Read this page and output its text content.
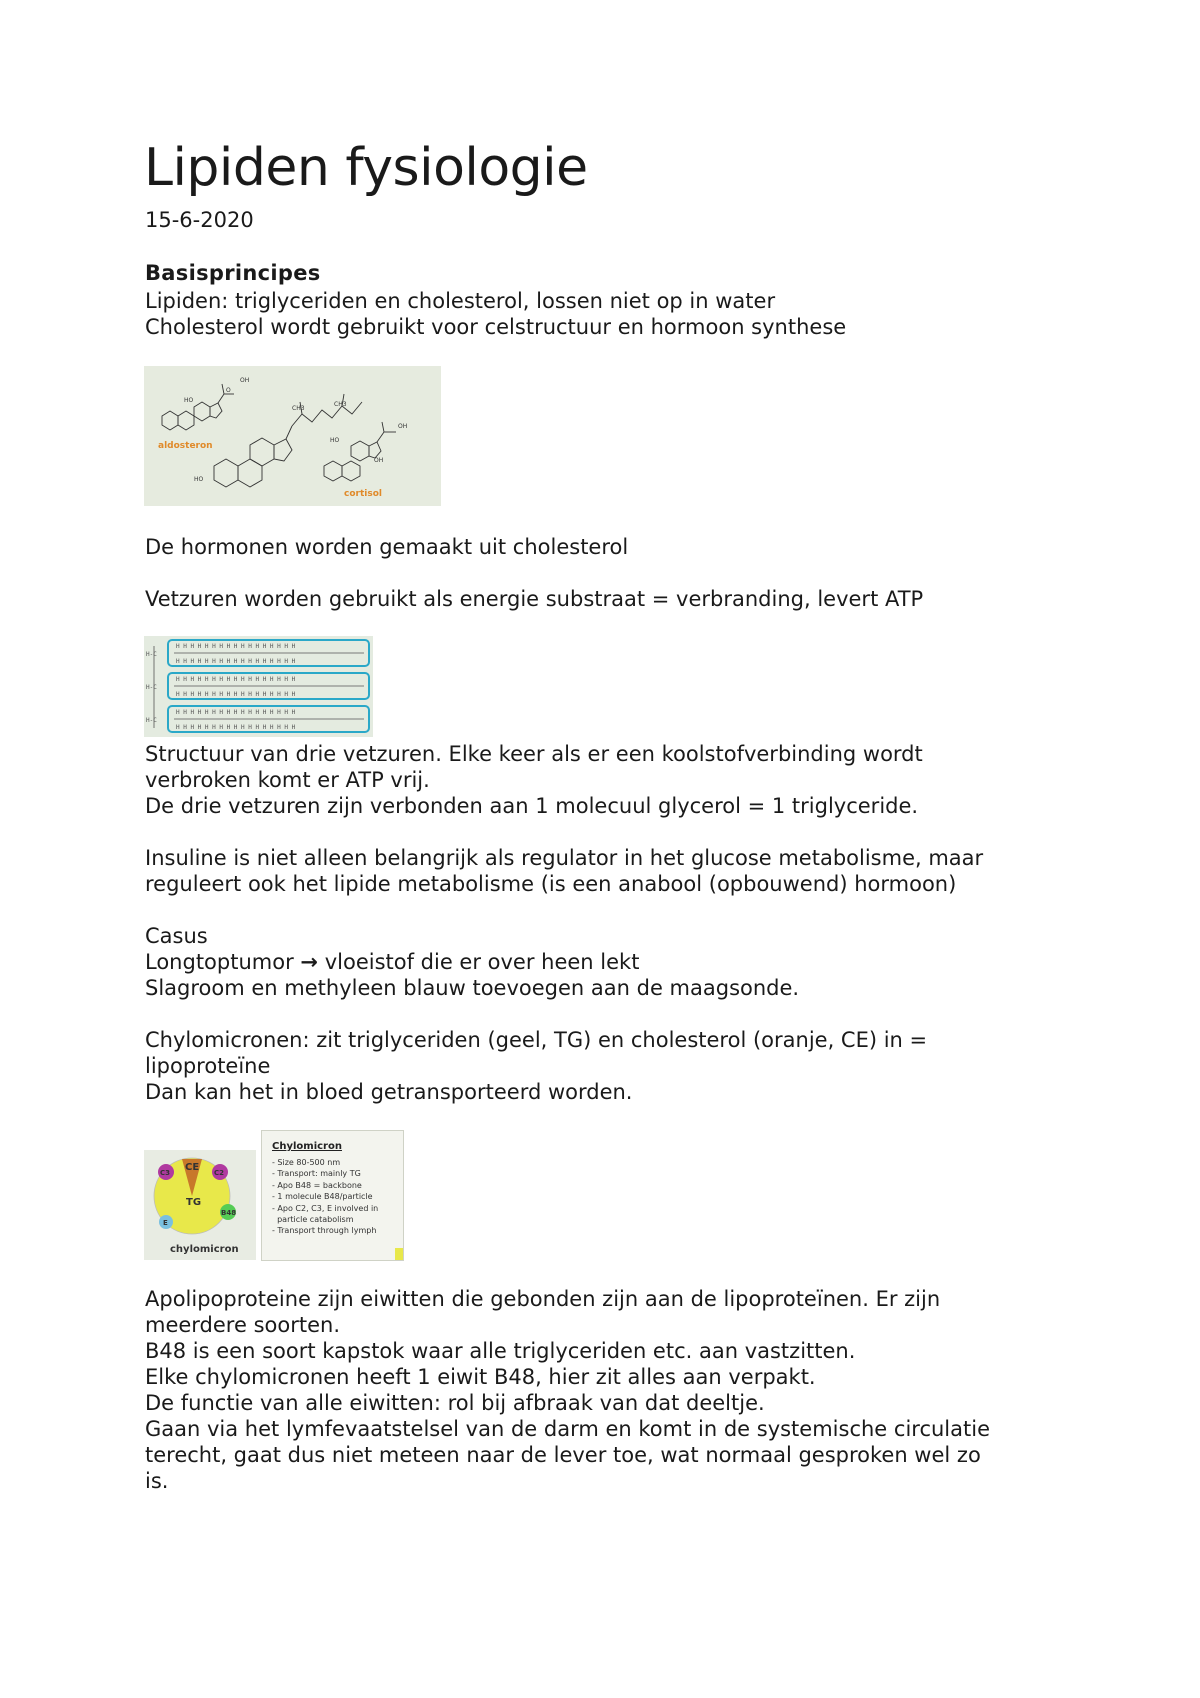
Lipiden fysiologie
15-6-2020
Basisprincipes

Lipiden: triglyceriden en cholesterol, lossen niet op in water
Cholesterol wordt gebruikt voor celstructuur en hormoon synthese

HO
OH
O
HO
CH3
CH3
HO
OH
OH
aldosteron
cortisol

De hormonen worden gemaakt uit cholesterol

Vetzuren worden gebruikt als energie substraat = verbranding, levert ATP

H H H H H H H H H H H H H H H H H
H H H H H H H H H H H H H H H H H
H H H H H H H H H H H H H H H H H
H H H H H H H H H H H H H H H H H
H H H H H H H H H H H H H H H H H
H H H H H H H H H H H H H H H H H
H-C
H-C
H-C

Structuur van drie vetzuren. Elke keer als er een koolstofverbinding wordt
verbroken komt er ATP vrij.
De drie vetzuren zijn verbonden aan 1 molecuul glycerol = 1 triglyceride.

Insuline is niet alleen belangrijk als regulator in het glucose metabolisme, maar
reguleert ook het lipide metabolisme (is een anabool (opbouwend) hormoon)

Casus
Longtoptumor → vloeistof die er over heen lekt
Slagroom en methyleen blauw toevoegen aan de maagsonde.

Chylomicronen: zit triglyceriden (geel, TG) en cholesterol (oranje, CE) in =
lipoproteïne
Dan kan het in bloed getransporteerd worden.

TG
CE
C3	C2
E
B48
chylomicron
Chylomicron
- Size 80-500 nm
- Transport: mainly TG
- Apo B48 = backbone
- 1 molecule B48/particle
- Apo C2, C3, E involved in
particle catabolism
- Transport through lymph

Apolipoproteine zijn eiwitten die gebonden zijn aan de lipoproteïnen. Er zijn
meerdere soorten.
B48 is een soort kapstok waar alle triglyceriden etc. aan vastzitten.
Elke chylomicronen heeft 1 eiwit B48, hier zit alles aan verpakt.
De functie van alle eiwitten: rol bij afbraak van dat deeltje.
Gaan via het lymfevaatstelsel van de darm en komt in de systemische circulatie
terecht, gaat dus niet meteen naar de lever toe, wat normaal gesproken wel zo
is.
